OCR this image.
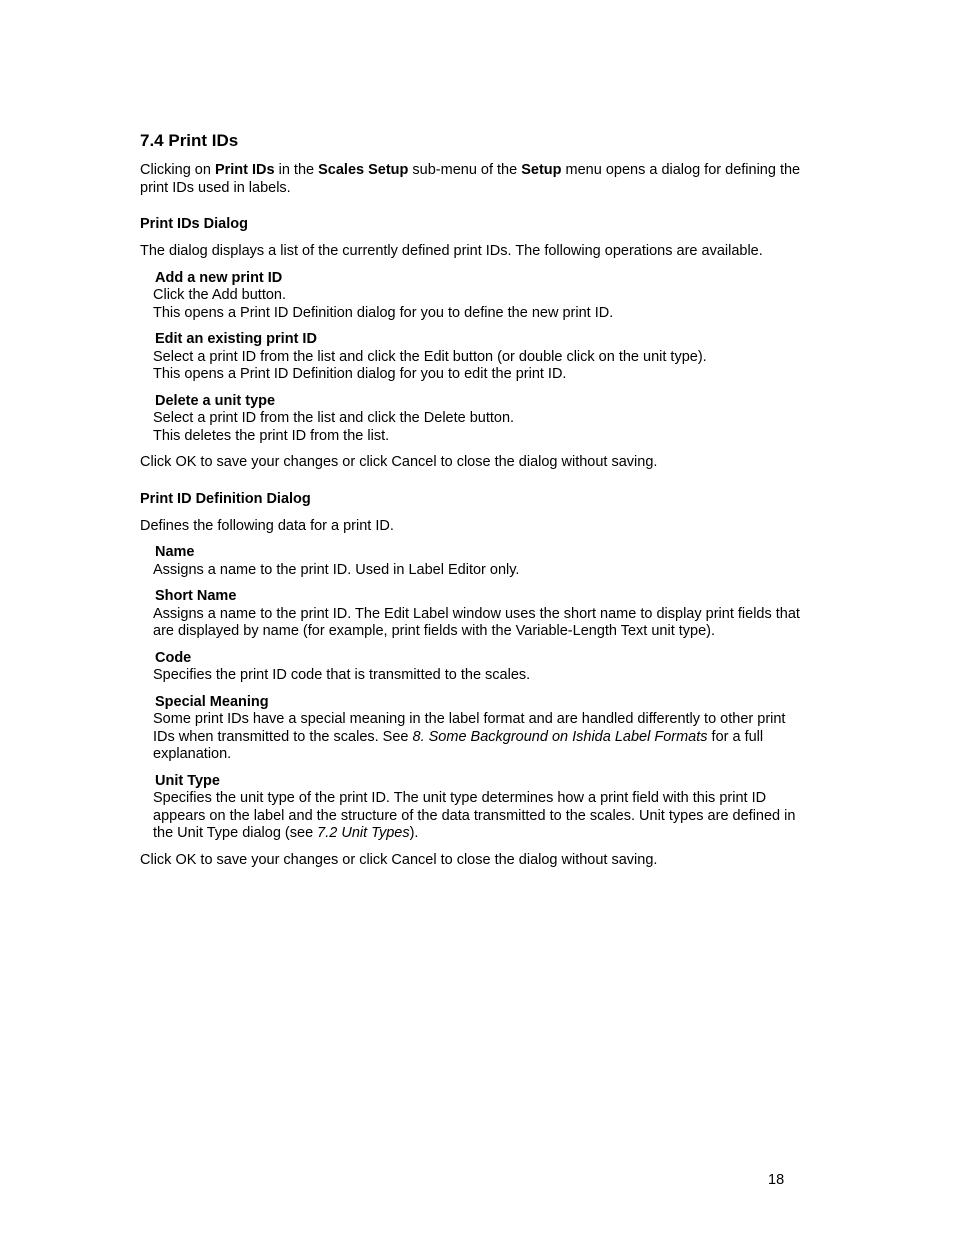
7.4 Print IDs

Clicking on Print IDs in the Scales Setup sub-menu of the Setup menu opens a dialog for defining the print IDs used in labels.

Print IDs Dialog

The dialog displays a list of the currently defined print IDs. The following operations are available.

Add a new print ID
Click the Add button.
This opens a Print ID Definition dialog for you to define the new print ID.
Edit an existing print ID
Select a print ID from the list and click the Edit button (or double click on the unit type).
This opens a Print ID Definition dialog for you to edit the print ID.
Delete a unit type
Select a print ID from the list and click the Delete button.
This deletes the print ID from the list.

Click OK to save your changes or click Cancel to close the dialog without saving.

Print ID Definition Dialog

Defines the following data for a print ID.

Name
Assigns a name to the print ID. Used in Label Editor only.
Short Name
Assigns a name to the print ID. The Edit Label window uses the short name to display print fields that are displayed by name (for example, print fields with the Variable-Length Text unit type).
Code
Specifies the print ID code that is transmitted to the scales.
Special Meaning
Some print IDs have a special meaning in the label format and are handled differently to other print IDs when transmitted to the scales. See 8. Some Background on Ishida Label Formats for a full explanation.
Unit Type
Specifies the unit type of the print ID. The unit type determines how a print field with this print ID appears on the label and the structure of the data transmitted to the scales. Unit types are defined in the Unit Type dialog (see 7.2 Unit Types).

Click OK to save your changes or click Cancel to close the dialog without saving.

18
